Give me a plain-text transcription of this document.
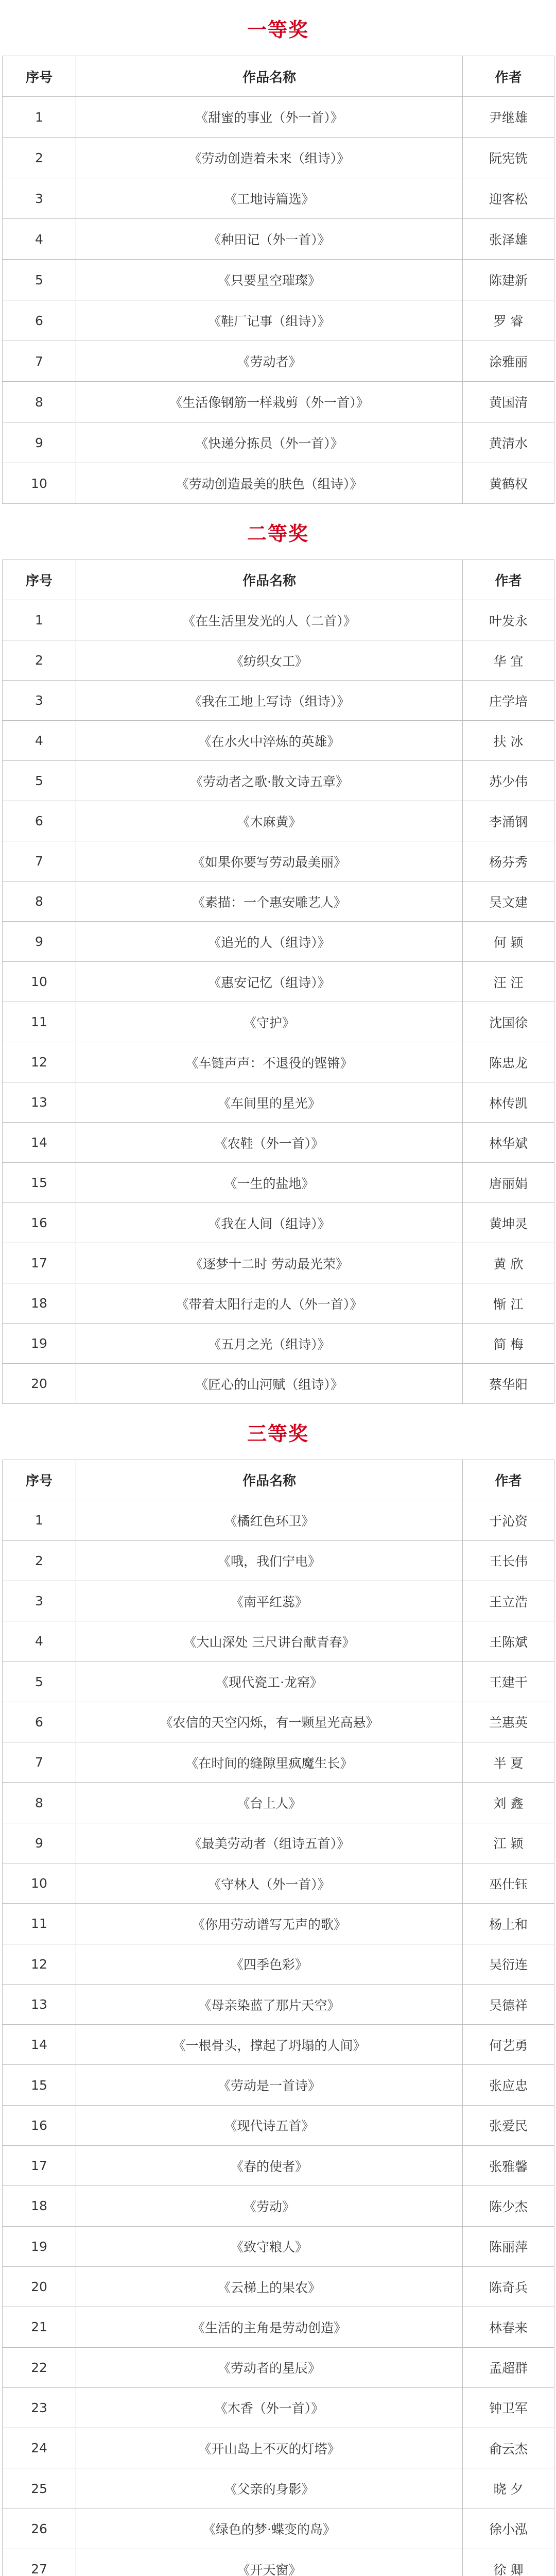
一等奖
序号	作品名称	作者
1	《甜蜜的事业（外一首）》	尹继雄
2	《劳动创造着未来（组诗）》	阮宪铣
3	《工地诗篇选》	迎客松
4	《种田记（外一首）》	张泽雄
5	《只要星空璀璨》	陈建新
6	《鞋厂记事（组诗）》	罗 睿
7	《劳动者》	涂雅丽
8	《生活像钢筋一样栽剪（外一首）》	黄国清
9	《快递分拣员（外一首）》	黄清水
10	《劳动创造最美的肤色（组诗）》	黄鹤权
二等奖
序号	作品名称	作者
1	《在生活里发光的人（二首）》	叶发永
2	《纺织女工》	华 宜
3	《我在工地上写诗（组诗）》	庄学培
4	《在水火中淬炼的英雄》	扶 冰
5	《劳动者之歌·散文诗五章》	苏少伟
6	《木麻黄》	李涌钢
7	《如果你要写劳动最美丽》	杨芬秀
8	《素描：一个惠安雕艺人》	吴文建
9	《追光的人（组诗）》	何 颖
10	《惠安记忆（组诗）》	汪 汪
11	《守护》	沈国徐
12	《车链声声：不退役的铿锵》	陈忠龙
13	《车间里的星光》	林传凯
14	《农鞋（外一首）》	林华斌
15	《一生的盐地》	唐丽娟
16	《我在人间（组诗）》	黄坤灵
17	《逐梦十二时 劳动最光荣》	黄 欣
18	《带着太阳行走的人（外一首）》	惭 江
19	《五月之光（组诗）》	简 梅
20	《匠心的山河赋（组诗）》	蔡华阳
三等奖
序号	作品名称	作者
1	《橘红色环卫》	于沁资
2	《哦，我们宁电》	王长伟
3	《南平红蕊》	王立浩
4	《大山深处 三尺讲台献青春》	王陈斌
5	《现代瓷工·龙窑》	王建干
6	《农信的天空闪烁，有一颗星光高悬》	兰惠英
7	《在时间的缝隙里疯魔生长》	半 夏
8	《台上人》	刘 鑫
9	《最美劳动者（组诗五首）》	江 颖
10	《守林人（外一首）》	巫仕钰
11	《你用劳动谱写无声的歌》	杨上和
12	《四季色彩》	吴衍连
13	《母亲染蓝了那片天空》	吴德祥
14	《一根骨头，撑起了坍塌的人间》	何艺勇
15	《劳动是一首诗》	张应忠
16	《现代诗五首》	张爱民
17	《春的使者》	张雅馨
18	《劳动》	陈少杰
19	《致守粮人》	陈丽萍
20	《云梯上的果农》	陈奇兵
21	《生活的主角是劳动创造》	林春来
22	《劳动者的星辰》	孟超群
23	《木香（外一首）》	钟卫军
24	《开山岛上不灭的灯塔》	俞云杰
25	《父亲的身影》	晓 夕
26	《绿色的梦·蝶变的岛》	徐小泓
27	《开天窗》	徐 卿
